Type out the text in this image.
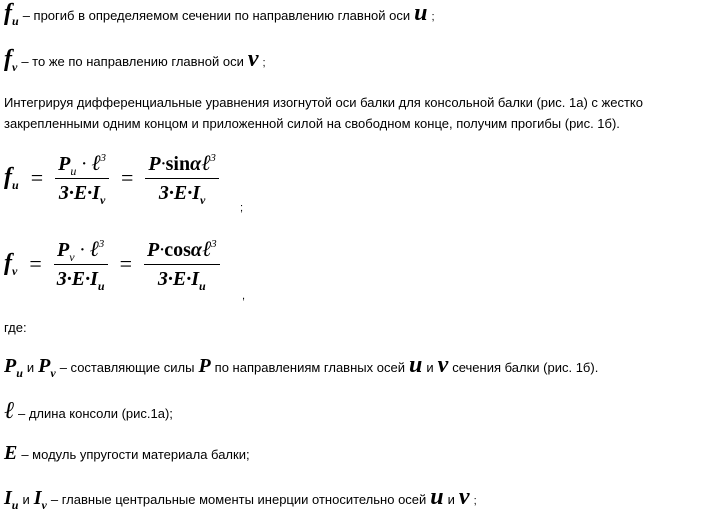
$f_u$ – прогиб в определяемом сечении по направлению главной оси u ;
$f_v$ – то же по направлению главной оси v ;
Интегрируя дифференциальные уравнения изогнутой оси балки для консольной балки (рис. 1а) с жестко закрепленными одним концом и приложенной силой на свободном конце, получим прогибы (рис. 1б).
$f_u = \frac{P_u \cdot \ell^3}{3\cdot E\cdot I_v} = \frac{P\cdot\sin\alpha\ell^3}{3\cdot E\cdot I_v}$
;
$f_v = \frac{P_v \cdot \ell^3}{3\cdot E\cdot I_u} = \frac{P\cdot\cos\alpha\ell^3}{3\cdot E\cdot I_u}$
,
где:
$P_u$ и $P_v$ – составляющие силы P по направлениям главных осей u и v сечения балки (рис. 1б).
ℓ – длина консоли (рис.1а);
E – модуль упругости материала балки;
$I_u$ и $I_v$ – главные центральные моменты инерции относительно осей u и v ;
